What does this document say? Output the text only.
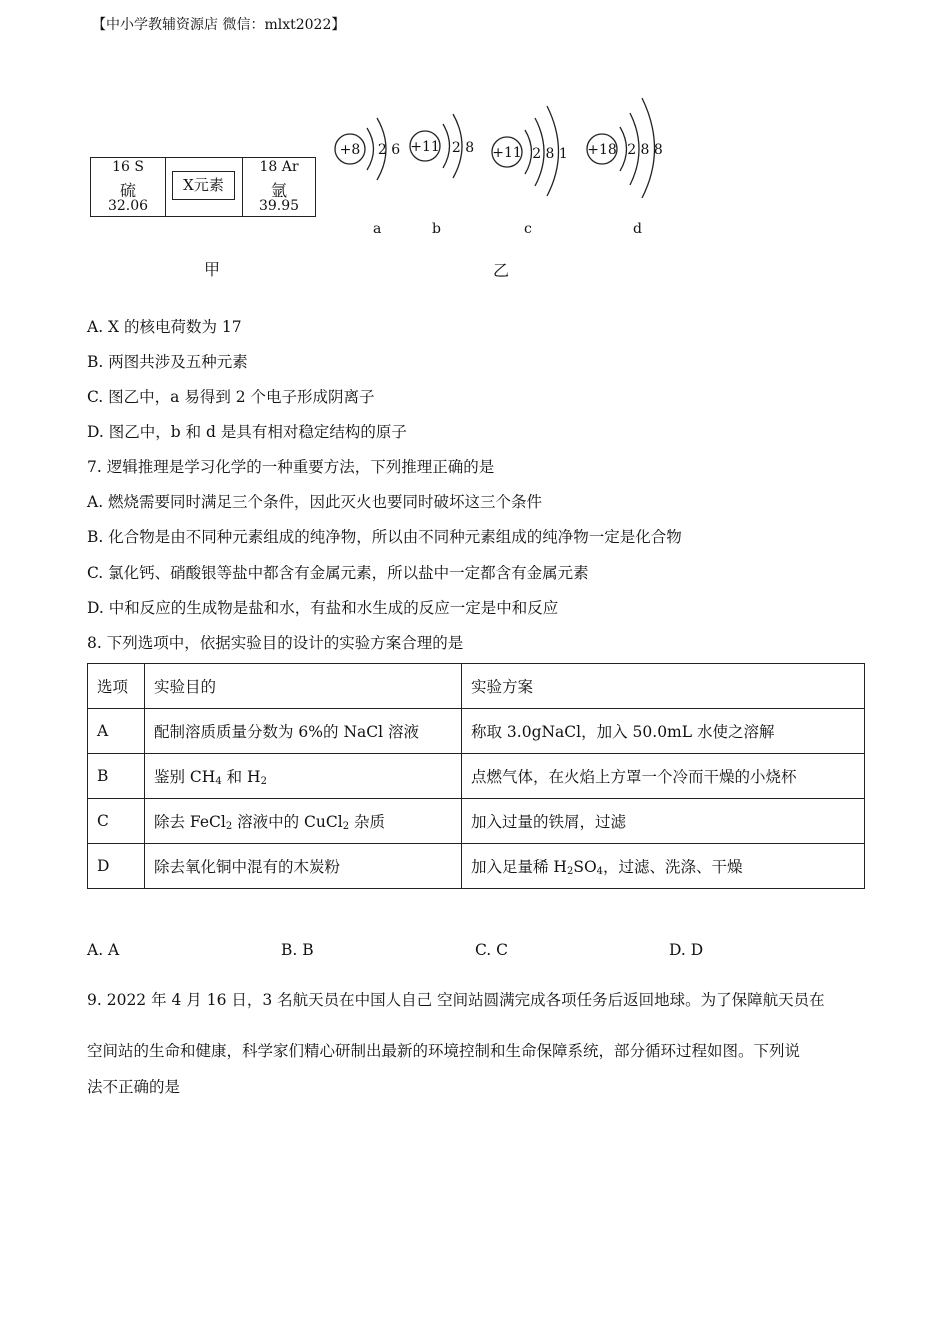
【中小学教辅资源店 微信：mlxt2022】
16 S
硫
32.06
X元素
18 Ar
氩
39.95
甲
+8 2 6 +11 2 8 +11 2 8 1 +18 2 8 8
a	b	c	d
乙
A. X 的核电荷数为 17
B. 两图共涉及五种元素
C. 图乙中，a 易得到 2 个电子形成阴离子
D. 图乙中，b 和 d 是具有相对稳定结构的原子
7. 逻辑推理是学习化学的一种重要方法，下列推理正确的是
A. 燃烧需要同时满足三个条件，因此灭火也要同时破坏这三个条件
B. 化合物是由不同种元素组成的纯净物，所以由不同种元素组成的纯净物一定是化合物
C. 氯化钙、硝酸银等盐中都含有金属元素，所以盐中一定都含有金属元素
D. 中和反应的生成物是盐和水，有盐和水生成的反应一定是中和反应
8. 下列选项中，依据实验目的设计的实验方案合理的是
选项	实验目的	实验方案
A	配制溶质质量分数为 6%的 NaCl 溶液	称取 3.0gNaCl，加入 50.0mL 水使之溶解
B	鉴别 $CH_4$ 和 $H_2$	点燃气体，在火焰上方罩一个冷而干燥的小烧杯
C	除去 FeCl$_2$ 溶液中的 CuCl$_2$ 杂质	加入过量的铁屑，过滤
D	除去氧化铜中混有的木炭粉	加入足量稀 $H_2SO_4$，过滤、洗涤、干燥
A. A	B. B	C. C	D. D
9. 2022 年 4 月 16 日，3 名航天员在中国人自己 空间站圆满完成各项任务后返回地球。为了保障航天员在
空间站的生命和健康，科学家们精心研制出最新的环境控制和生命保障系统，部分循环过程如图。下列说
法不正确的是
